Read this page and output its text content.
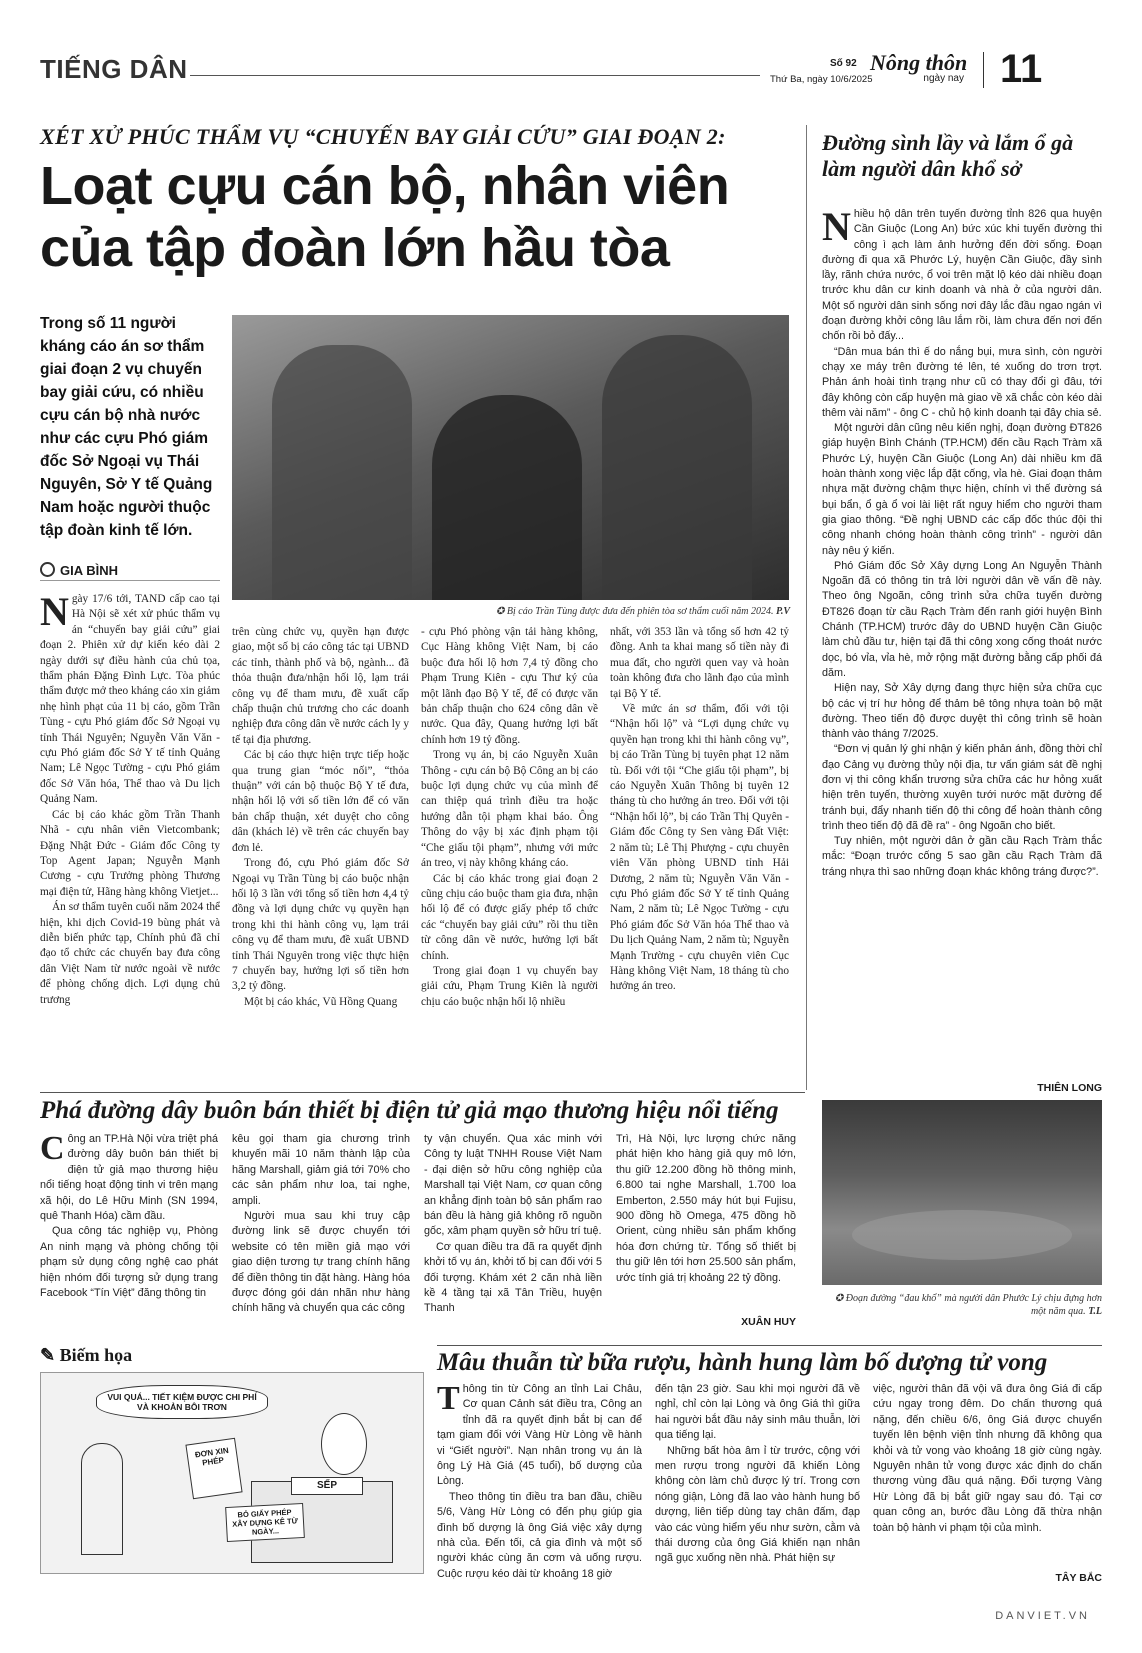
TIẾNG DÂN	Số 92
Thứ Ba, ngày 10/6/2025
Nông thôn
ngày nay 11
XÉT XỬ PHÚC THẨM VỤ “CHUYẾN BAY GIẢI CỨU” GIAI ĐOẠN 2:
Loạt cựu cán bộ, nhân viên
của tập đoàn lớn hầu tòa
Trong số 11 người kháng cáo án sơ thẩm giai đoạn 2 vụ chuyến bay giải cứu, có nhiều cựu cán bộ nhà nước như các cựu Phó giám đốc Sở Ngoại vụ Thái Nguyên, Sở Y tế Quảng Nam hoặc người thuộc tập đoàn kinh tế lớn.
GIA BÌNH
✪ Bị cáo Trần Tùng được đưa đến phiên tòa sơ thẩm cuối năm 2024. P.V

Ngày 17/6 tới, TAND cấp cao tại Hà Nội sẽ xét xử phúc thẩm vụ án “chuyến bay giải cứu” giai đoạn 2. Phiên xử dự kiến kéo dài 2 ngày dưới sự điều hành của chủ tọa, thẩm phán Đặng Đình Lực. Tòa phúc thẩm được mở theo kháng cáo xin giảm nhẹ hình phạt của 11 bị cáo, gồm Trần Tùng - cựu Phó giám đốc Sở Ngoại vụ tỉnh Thái Nguyên; Nguyễn Văn Văn - cựu Phó giám đốc Sở Y tế tỉnh Quảng Nam; Lê Ngọc Tường - cựu Phó giám đốc Sở Văn hóa, Thể thao và Du lịch Quảng Nam.

Các bị cáo khác gồm Trần Thanh Nhã - cựu nhân viên Vietcombank; Đặng Nhật Đức - Giám đốc Công ty Top Agent Japan; Nguyễn Mạnh Cương - cựu Trưởng phòng Thương mại điện tử, Hãng hàng không Vietjet...

Án sơ thẩm tuyên cuối năm 2024 thể hiện, khi dịch Covid-19 bùng phát và diễn biến phức tạp, Chính phủ đã chỉ đạo tổ chức các chuyến bay đưa công dân Việt Nam từ nước ngoài về nước để phòng chống dịch. Lợi dụng chủ trương

trên cùng chức vụ, quyền hạn được giao, một số bị cáo công tác tại UBND các tỉnh, thành phố và bộ, ngành... đã thỏa thuận đưa/nhận hối lộ, lạm trái công vụ để tham mưu, đề xuất cấp chấp thuận chủ trương cho các doanh nghiệp đưa công dân về nước cách ly y tế tại địa phương.

Các bị cáo thực hiện trực tiếp hoặc qua trung gian “móc nối”, “thỏa thuận” với cán bộ thuộc Bộ Y tế đưa, nhận hối lộ với số tiền lớn để có văn bản chấp thuận, xét duyệt cho công dân (khách lẻ) về trên các chuyến bay đơn lẻ.

Trong đó, cựu Phó giám đốc Sở Ngoại vụ Trần Tùng bị cáo buộc nhận hối lộ 3 lần với tổng số tiền hơn 4,4 tỷ đồng và lợi dụng chức vụ quyền hạn trong khi thi hành công vụ, lạm trái công vụ để tham mưu, đề xuất UBND tỉnh Thái Nguyên trong việc thực hiện 7 chuyến bay, hưởng lợi số tiền hơn 3,2 tỷ đồng.

Một bị cáo khác, Vũ Hồng Quang

- cựu Phó phòng vận tải hàng không, Cục Hàng không Việt Nam, bị cáo buộc đưa hối lộ hơn 7,4 tỷ đồng cho Phạm Trung Kiên - cựu Thư ký của một lãnh đạo Bộ Y tế, để có được văn bản chấp thuận cho 624 công dân về nước. Qua đây, Quang hưởng lợi bất chính hơn 19 tỷ đồng.

Trong vụ án, bị cáo Nguyễn Xuân Thông - cựu cán bộ Bộ Công an bị cáo buộc lợi dụng chức vụ của mình để can thiệp quá trình điều tra hoặc hướng dẫn tội phạm khai báo. Ông Thông do vậy bị xác định phạm tội “Che giấu tội phạm”, nhưng với mức án treo, vị này không kháng cáo.

Các bị cáo khác trong giai đoạn 2 cũng chịu cáo buộc tham gia đưa, nhận hối lộ để có được giấy phép tổ chức các “chuyến bay giải cứu” rồi thu tiền từ công dân về nước, hưởng lợi bất chính.

Trong giai đoạn 1 vụ chuyến bay giải cứu, Phạm Trung Kiên là người chịu cáo buộc nhận hối lộ nhiều

nhất, với 353 lần và tổng số hơn 42 tỷ đồng. Anh ta khai mang số tiền này đi mua đất, cho người quen vay và hoàn toàn không đưa cho lãnh đạo của mình tại Bộ Y tế.

Về mức án sơ thẩm, đối với tội “Nhận hối lộ” và “Lợi dụng chức vụ quyền hạn trong khi thi hành công vụ”, bị cáo Trần Tùng bị tuyên phạt 12 năm tù. Đối với tội “Che giấu tội phạm”, bị cáo Nguyễn Xuân Thông bị tuyên 12 tháng tù cho hưởng án treo. Đối với tội “Nhận hối lộ”, bị cáo Trần Thị Quyên - Giám đốc Công ty Sen vàng Đất Việt: 2 năm tù; Lê Thị Phượng - cựu chuyên viên Văn phòng UBND tỉnh Hải Dương, 2 năm tù; Nguyễn Văn Văn - cựu Phó giám đốc Sở Y tế tỉnh Quảng Nam, 2 năm tù; Lê Ngọc Tường - cựu Phó giám đốc Sở Văn hóa Thể thao và Du lịch Quảng Nam, 2 năm tù; Nguyễn Mạnh Trường - cựu chuyên viên Cục Hàng không Việt Nam, 18 tháng tù cho hưởng án treo.

Đường sình lầy và lắm ổ gà làm người dân khổ sở

Nhiều hộ dân trên tuyến đường tỉnh 826 qua huyện Cần Giuộc (Long An) bức xúc khi tuyến đường thi công ì ạch làm ảnh hưởng đến đời sống. Đoạn đường đi qua xã Phước Lý, huyện Cần Giuộc, đầy sình lầy, rãnh chứa nước, ổ voi trên mặt lộ kéo dài nhiều đoạn trước khu dân cư kinh doanh và nhà ở của người dân. Một số người dân sinh sống nơi đây lắc đầu ngao ngán vì đoạn đường khởi công lâu lắm rồi, làm chưa đến nơi đến chốn rồi bỏ đấy...

“Dân mua bán thì ế do nắng bụi, mưa sình, còn người chạy xe máy trên đường té lên, té xuống do trơn trợt. Phản ánh hoài tình trạng như cũ có thay đổi gì đâu, tới đây không còn cấp huyện mà giao về xã chắc còn kéo dài thêm vài năm” - ông C - chủ hộ kinh doanh tại đây chia sẻ.

Một người dân cũng nêu kiến nghị, đoạn đường ĐT826 giáp huyện Bình Chánh (TP.HCM) đến cầu Rạch Tràm xã Phước Lý, huyện Cần Giuộc (Long An) dài nhiều km đã hoàn thành xong việc lắp đặt cống, vỉa hè. Giai đoạn thảm nhựa mặt đường chậm thực hiện, chính vì thế đường sá bụi bẩn, ổ gà ổ voi lài liệt rất nguy hiểm cho người tham gia giao thông. “Đề nghị UBND các cấp đốc thúc đội thi công nhanh chóng hoàn thành công trình” - người dân này nêu ý kiến.

Phó Giám đốc Sở Xây dựng Long An Nguyễn Thành Ngoãn đã có thông tin trả lời người dân về vấn đề này. Theo ông Ngoãn, công trình sửa chữa tuyến đường ĐT826 đoạn từ cầu Rạch Tràm đến ranh giới huyện Bình Chánh (TP.HCM) trước đây do UBND huyện Cần Giuộc làm chủ đầu tư, hiện tại đã thi công xong cống thoát nước dọc, bó vỉa, vỉa hè, mở rộng mặt đường bằng cấp phối đá dăm.

Hiện nay, Sở Xây dựng đang thực hiện sửa chữa cục bộ các vị trí hư hỏng để thảm bê tông nhựa toàn bộ mặt đường. Theo tiến độ được duyệt thì công trình sẽ hoàn thành vào tháng 7/2025.

“Đơn vị quản lý ghi nhận ý kiến phản ánh, đồng thời chỉ đạo Cảng vụ đường thủy nội địa, tư vấn giám sát đề nghị đơn vị thi công khẩn trương sửa chữa các hư hỏng xuất hiện trên tuyến, thường xuyên tưới nước mặt đường để tránh bụi, đẩy nhanh tiến độ thi công để hoàn thành công trình theo tiến độ đã đề ra” - ông Ngoãn cho biết.

Tuy nhiên, một người dân ở gần cầu Rạch Tràm thắc mắc: “Đoạn trước cống 5 sao gần cầu Rạch Tràm đã tráng nhựa thì sao những đoạn khác không tráng được?”.

THIÊN LONG
✪ Đoạn đường “đau khổ” mà người dân Phước Lý chịu đựng hơn một năm qua. T.L
Phá đường dây buôn bán thiết bị điện tử giả mạo thương hiệu nổi tiếng

Công an TP.Hà Nội vừa triệt phá đường dây buôn bán thiết bị điện tử giả mạo thương hiệu nổi tiếng hoạt động tinh vi trên mạng xã hội, do Lê Hữu Minh (SN 1994, quê Thanh Hóa) cầm đầu.

Qua công tác nghiệp vụ, Phòng An ninh mạng và phòng chống tội phạm sử dụng công nghệ cao phát hiện nhóm đối tượng sử dụng trang Facebook “Tín Việt” đăng thông tin

kêu gọi tham gia chương trình khuyến mãi 10 năm thành lập của hãng Marshall, giảm giá tới 70% cho các sản phẩm như loa, tai nghe, ampli.

Người mua sau khi truy cập đường link sẽ được chuyển tới website có tên miền giả mạo với giao diện tương tự trang chính hãng để điền thông tin đặt hàng. Hàng hóa được đóng gói dán nhãn như hàng chính hãng và chuyển qua các công

ty vận chuyển. Qua xác minh với Công ty luật TNHH Rouse Việt Nam - đại diện sở hữu công nghiệp của Marshall tại Việt Nam, cơ quan công an khẳng định toàn bộ sản phẩm rao bán đều là hàng giả không rõ nguồn gốc, xâm phạm quyền sở hữu trí tuệ.

Cơ quan điều tra đã ra quyết định khởi tố vụ án, khởi tố bị can đối với 5 đối tượng. Khám xét 2 căn nhà liền kề 4 tầng tại xã Tân Triều, huyện Thanh

Trì, Hà Nội, lực lượng chức năng phát hiện kho hàng giả quy mô lớn, thu giữ 12.200 đồng hồ thông minh, 6.800 tai nghe Marshall, 1.700 loa Emberton, 2.550 máy hút bụi Fujisu, 900 đồng hồ Omega, 475 đồng hồ Orient, cùng nhiều sản phẩm khống hóa đơn chứng từ. Tổng số thiết bị thu giữ lên tới hơn 25.500 sản phẩm, ước tính giá trị khoảng 22 tỷ đồng.

XUÂN HUY
✎ Biếm họa
VUI QUÁ... TIẾT KIỆM ĐƯỢC CHI PHÍ VÀ KHOẢN BÔI TRƠN
ĐƠN XIN PHÉP
SẾP
BỎ GIẤY PHÉP XÂY DỰNG KÊ TỪ NGÀY...
Mâu thuẫn từ bữa rượu, hành hung làm bố dượng tử vong

Thông tin từ Công an tỉnh Lai Châu, Cơ quan Cảnh sát điều tra, Công an tỉnh đã ra quyết định bắt bị can để tạm giam đối với Vàng Hừ Lòng về hành vi “Giết người”. Nạn nhân trong vụ án là ông Lý Hà Giá (45 tuổi), bố dượng của Lòng.

Theo thông tin điều tra ban đầu, chiều 5/6, Vàng Hừ Lòng có đến phụ giúp gia đình bố dượng là ông Giá việc xây dựng nhà của. Đến tối, cả gia đình và một số người khác cùng ăn cơm và uống rượu. Cuộc rượu kéo dài từ khoảng 18 giờ

đến tận 23 giờ. Sau khi mọi người đã về nghỉ, chỉ còn lại Lòng và ông Giá thì giữa hai người bắt đầu nảy sinh mâu thuẫn, lời qua tiếng lại.

Những bất hòa âm ỉ từ trước, cộng với men rượu trong người đã khiến Lòng không còn làm chủ được lý trí. Trong cơn nóng giận, Lòng đã lao vào hành hung bố dượng, liên tiếp dùng tay chân đấm, đạp vào các vùng hiểm yếu như sườn, cằm và thái dương của ông Giá khiến nạn nhân ngã gục xuống nền nhà. Phát hiện sự

việc, người thân đã vội vã đưa ông Giá đi cấp cứu ngay trong đêm. Do chấn thương quá nặng, đến chiều 6/6, ông Giá được chuyển tuyến lên bệnh viện tỉnh nhưng đã không qua khỏi và tử vong vào khoảng 18 giờ cùng ngày. Nguyên nhân tử vong được xác định do chấn thương vùng đầu quá nặng. Đối tượng Vàng Hừ Lòng đã bị bắt giữ ngay sau đó. Tại cơ quan công an, bước đầu Lòng đã thừa nhận toàn bộ hành vi phạm tội của mình.

TÂY BẮC
DANVIET.VN
